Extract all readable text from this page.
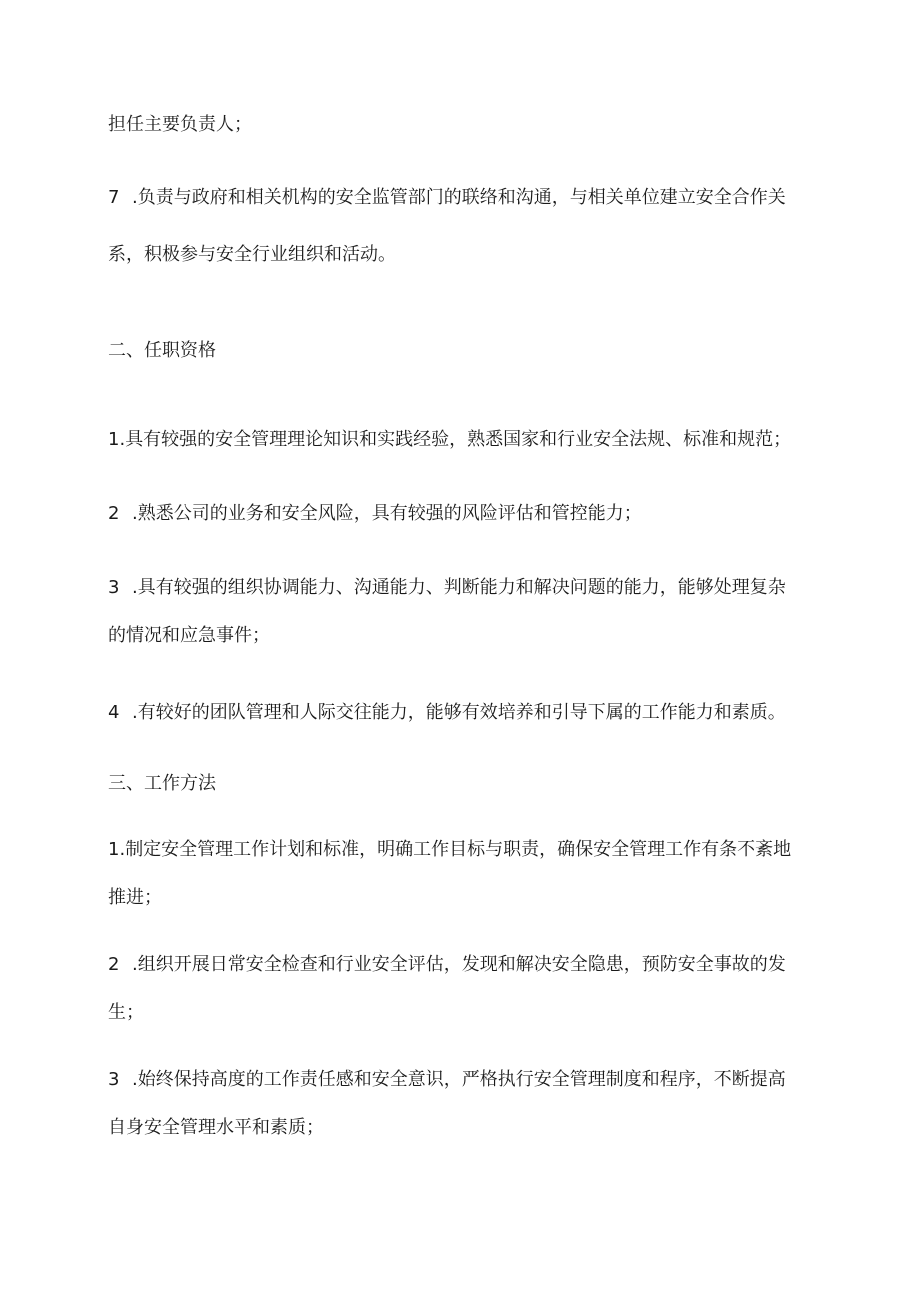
担任主要负责人；
7 .负责与政府和相关机构的安全监管部门的联络和沟通，与相关单位建立安全合作关
系，积极参与安全行业组织和活动。
二、任职资格
1.具有较强的安全管理理论知识和实践经验，熟悉国家和行业安全法规、标准和规范；
2 .熟悉公司的业务和安全风险，具有较强的风险评估和管控能力；
3 .具有较强的组织协调能力、沟通能力、判断能力和解决问题的能力，能够处理复杂
的情况和应急事件；
4 .有较好的团队管理和人际交往能力，能够有效培养和引导下属的工作能力和素质。
三、工作方法
1.制定安全管理工作计划和标准，明确工作目标与职责，确保安全管理工作有条不紊地
推进；
2 .组织开展日常安全检查和行业安全评估，发现和解决安全隐患，预防安全事故的发
生；
3 .始终保持高度的工作责任感和安全意识，严格执行安全管理制度和程序，不断提高
自身安全管理水平和素质；
